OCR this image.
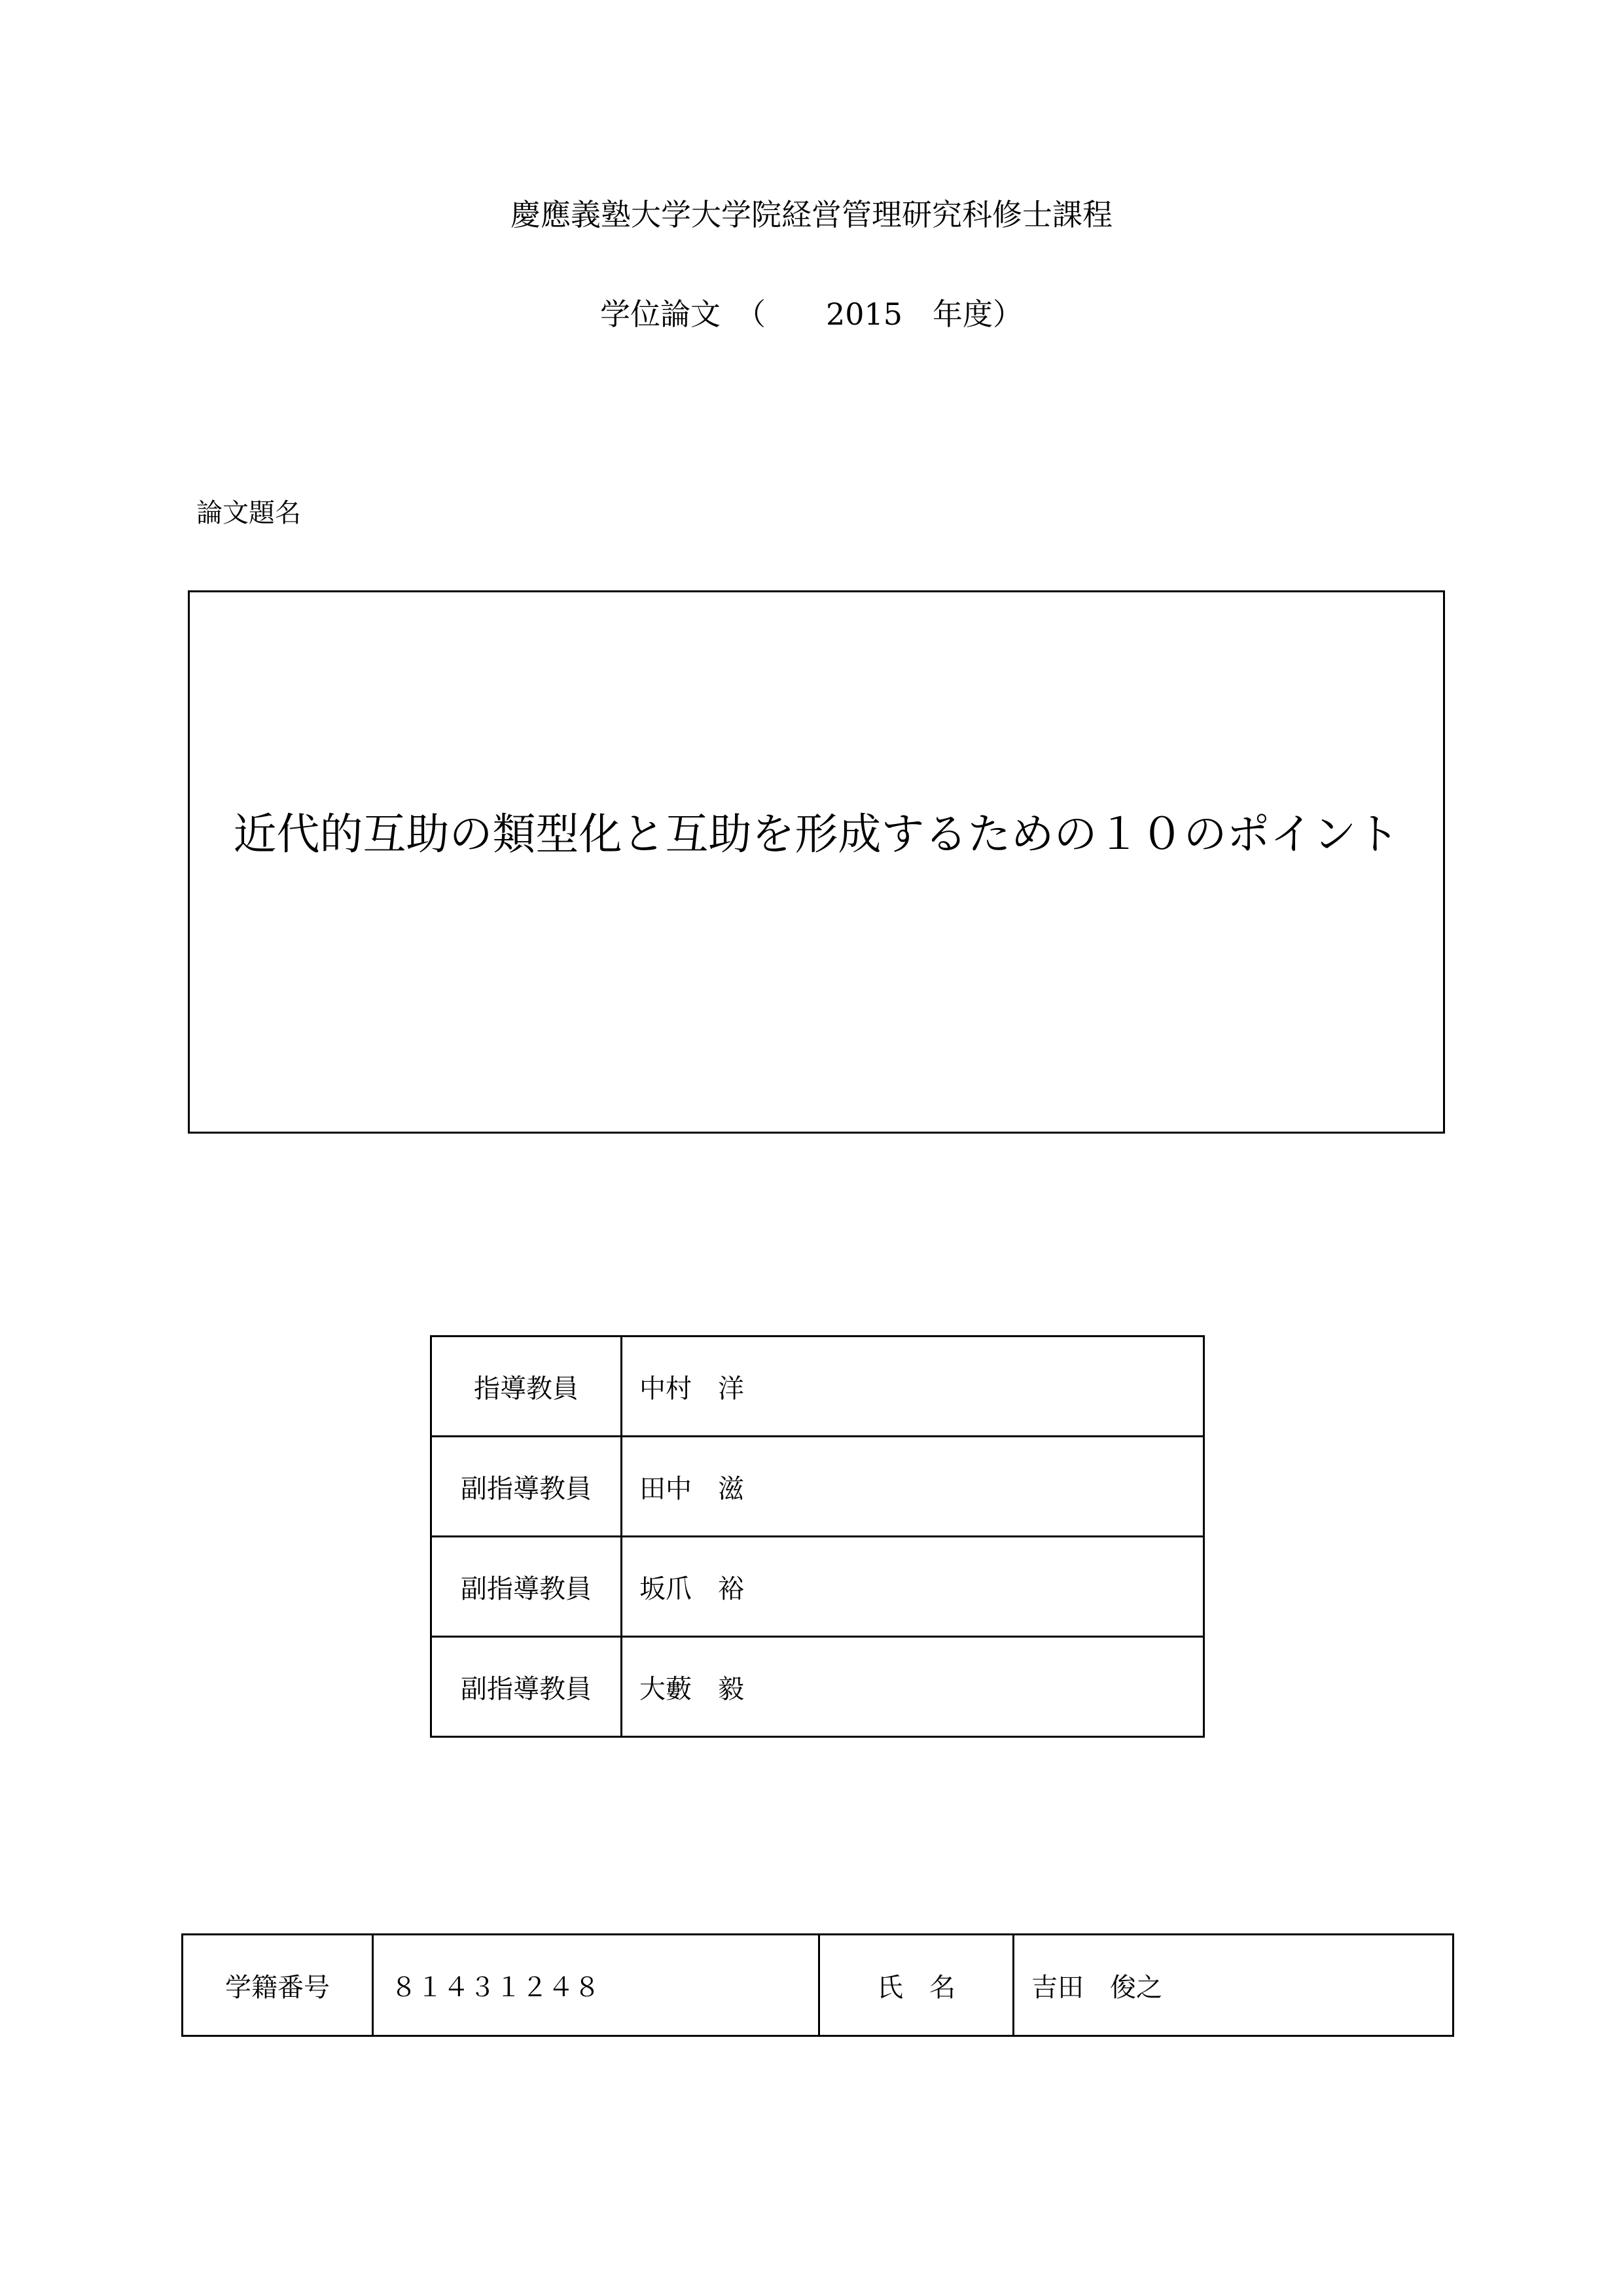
慶應義塾大学大学院経営管理研究科修士課程
学位論文　（　　2015　年度）
論文題名
近代的互助の類型化と互助を形成するための１０のポイント
指導教員	中村　洋
副指導教員	田中　滋
副指導教員	坂爪　裕
副指導教員	大藪　毅
学籍番号	８１４３１２４８	氏　名	吉田　俊之
